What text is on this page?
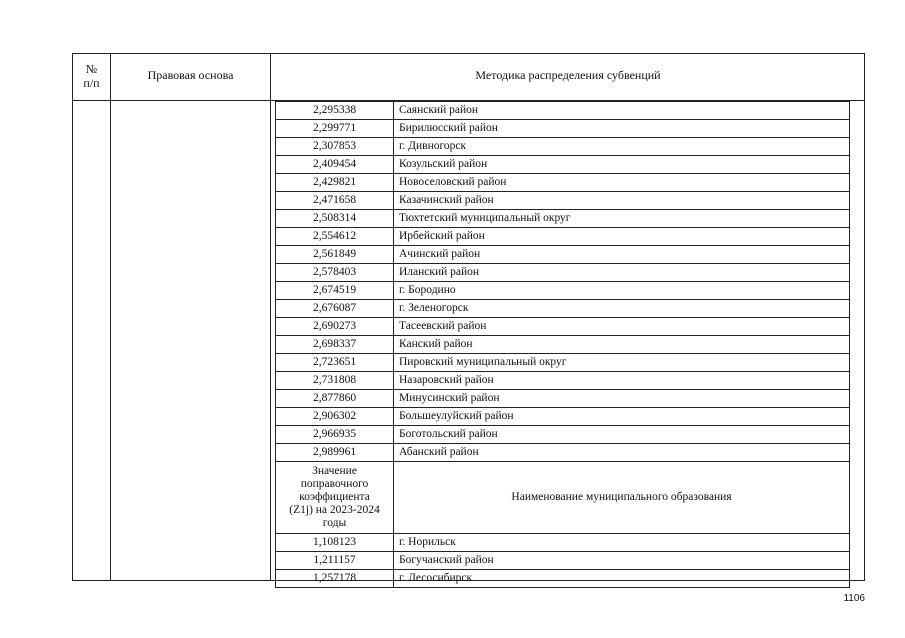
№
п/п
Правовая основа	Методика распределения субвенций
2,295338	Саянский район
2,299771	Бирилюсский район
2,307853	г. Дивногорск
2,409454	Козульский район
2,429821	Новоселовский район
2,471658	Казачинский район
2,508314	Тюхтетский муниципальный округ
2,554612	Ирбейский район
2,561849	Ачинский район
2,578403	Иланский район
2,674519	г. Бородино
2,676087	г. Зеленогорск
2,690273	Тасеевский район
2,698337	Канский район
2,723651	Пировский муниципальный округ
2,731808	Назаровский район
2,877860	Минусинский район
2,906302	Большеулуйский район
2,966935	Боготольский район
2,989961	Абанский район

Значение
поправочного
коэффициента
(Z1j) на 2023-2024
годы	Наименование муниципального образования
1,108123	г. Норильск
1,211157	Богучанский район
1,257178	г. Лесосибирск
1106
